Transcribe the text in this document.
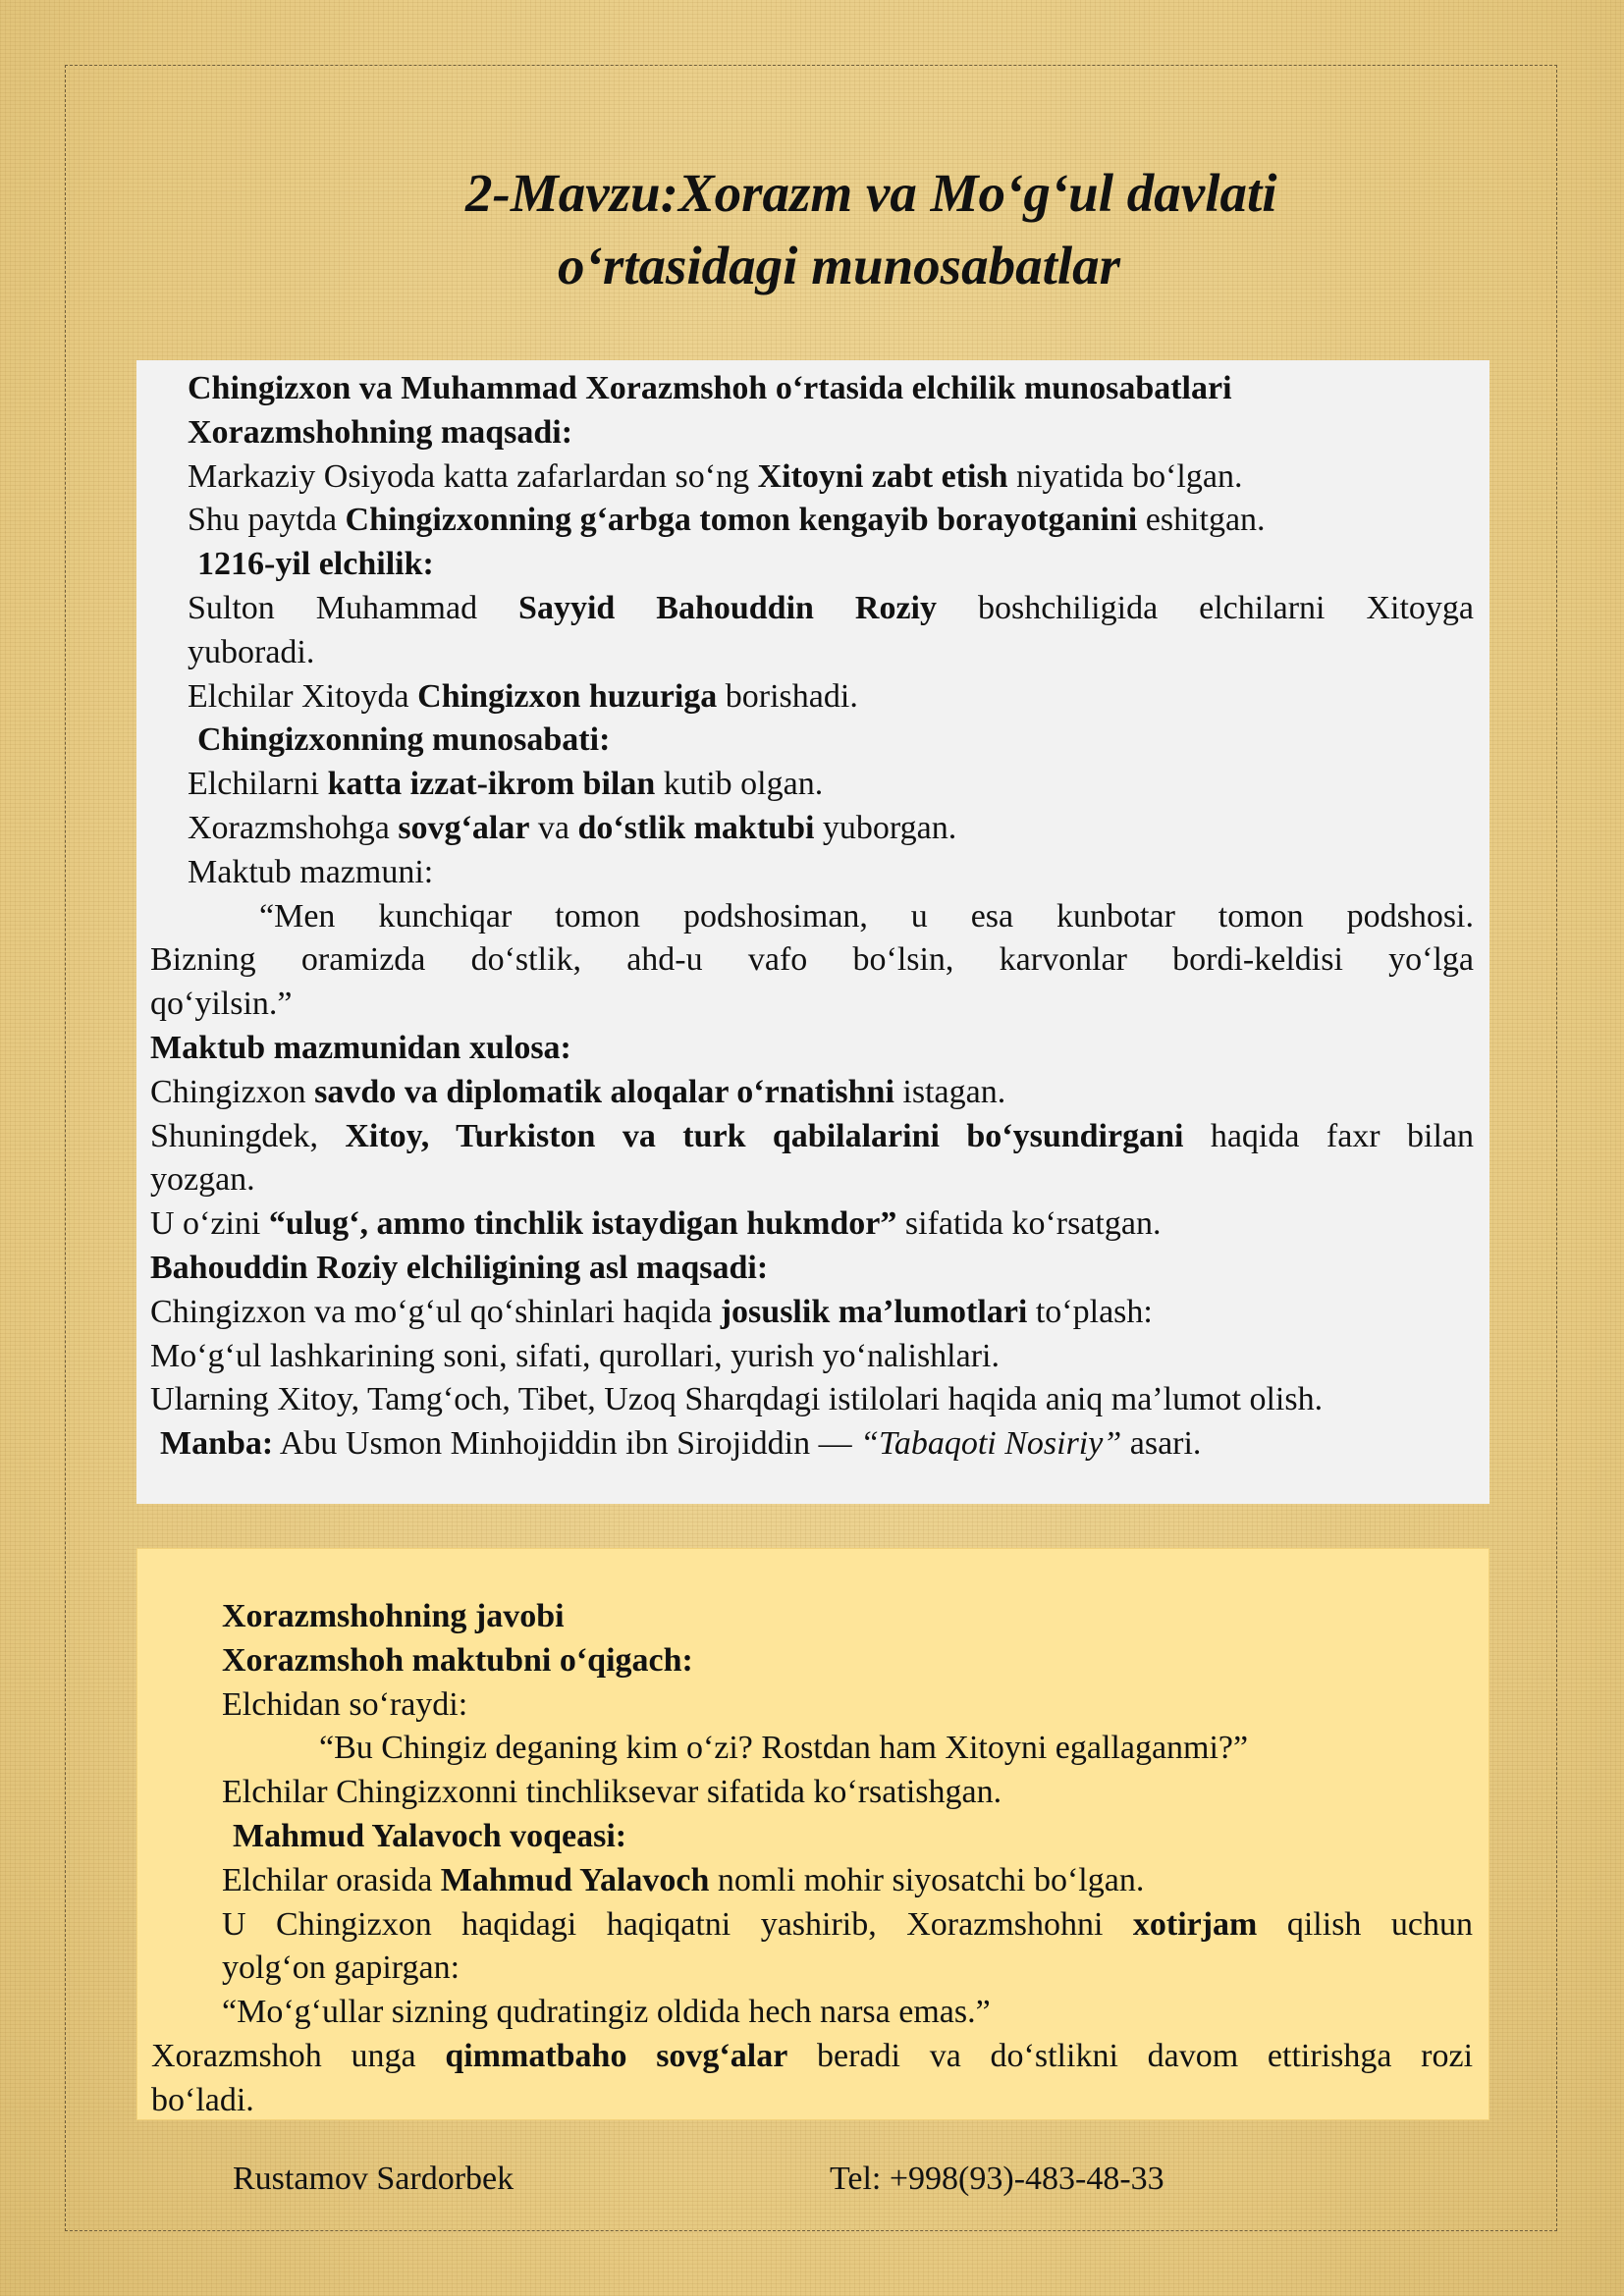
2-Mavzu:Xorazm va Mo‘g‘ul davlati
o‘rtasidagi munosabatlar
Chingizxon va Muhammad Xorazmshoh o‘rtasida elchilik munosabatlari
Xorazmshohning maqsadi:
Markaziy Osiyoda katta zafarlardan so‘ng Xitoyni zabt etish niyatida bo‘lgan.
Shu paytda Chingizxonning g‘arbga tomon kengayib borayotganini eshitgan.
1216-yil elchilik:
Sulton Muhammad Sayyid Bahouddin Roziy boshchiligida elchilarni Xitoyga
yuboradi.
Elchilar Xitoyda Chingizxon huzuriga borishadi.
Chingizxonning munosabati:
Elchilarni katta izzat-ikrom bilan kutib olgan.
Xorazmshohga sovg‘alar va do‘stlik maktubi yuborgan.
Maktub mazmuni:
“Men kunchiqar tomon podshosiman, u esa kunbotar tomon podshosi.
Bizning oramizda do‘stlik, ahd-u vafo bo‘lsin, karvonlar bordi-keldisi yo‘lga
qo‘yilsin.”
Maktub mazmunidan xulosa:
Chingizxon savdo va diplomatik aloqalar o‘rnatishni istagan.
Shuningdek, Xitoy, Turkiston va turk qabilalarini bo‘ysundirgani haqida faxr bilan
yozgan.
U o‘zini “ulug‘, ammo tinchlik istaydigan hukmdor” sifatida ko‘rsatgan.
Bahouddin Roziy elchiligining asl maqsadi:
Chingizxon va mo‘g‘ul qo‘shinlari haqida josuslik ma’lumotlari to‘plash:
Mo‘g‘ul lashkarining soni, sifati, qurollari, yurish yo‘nalishlari.
Ularning Xitoy, Tamg‘och, Tibet, Uzoq Sharqdagi istilolari haqida aniq ma’lumot olish.
Manba: Abu Usmon Minhojiddin ibn Sirojiddin — “Tabaqoti Nosiriy” asari.
Xorazmshohning javobi
Xorazmshoh maktubni o‘qigach:
Elchidan so‘raydi:
“Bu Chingiz deganing kim o‘zi? Rostdan ham Xitoyni egallaganmi?”
Elchilar Chingizxonni tinchliksevar sifatida ko‘rsatishgan.
Mahmud Yalavoch voqeasi:
Elchilar orasida Mahmud Yalavoch nomli mohir siyosatchi bo‘lgan.
U Chingizxon haqidagi haqiqatni yashirib, Xorazmshohni xotirjam qilish uchun
yolg‘on gapirgan:
“Mo‘g‘ullar sizning qudratingiz oldida hech narsa emas.”
Xorazmshoh unga qimmatbaho sovg‘alar beradi va do‘stlikni davom ettirishga rozi
bo‘ladi.
Rustamov Sardorbek	Tel: +998(93)-483-48-33
